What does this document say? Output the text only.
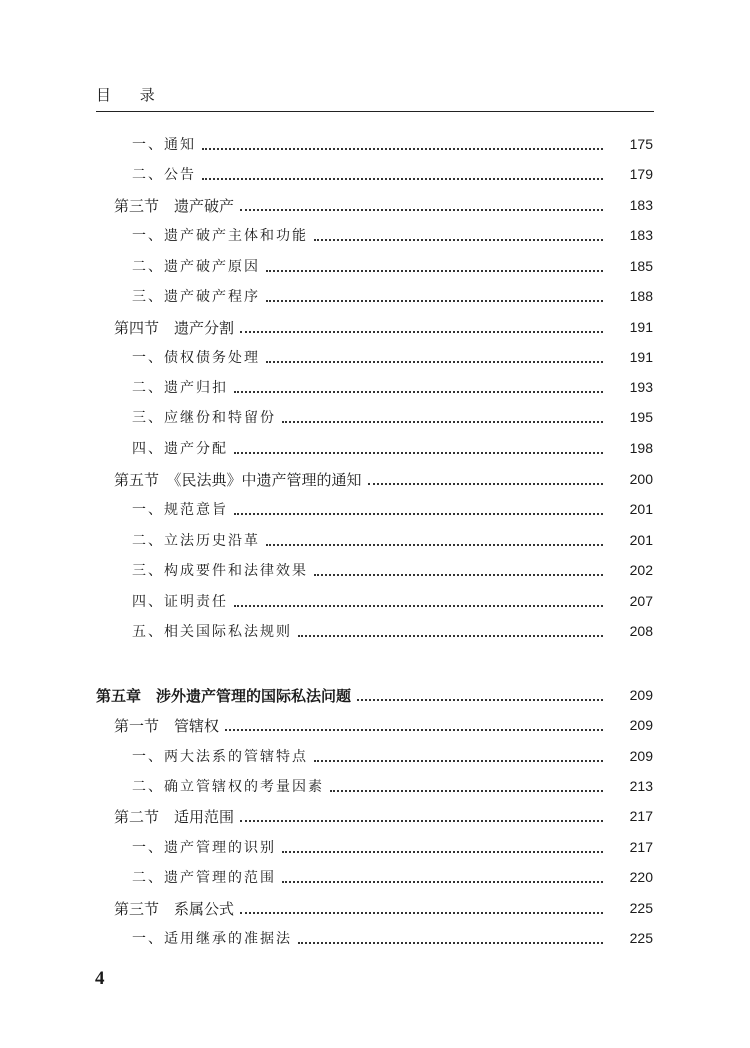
目 录
一、通知	175
二、公告	179
第三节　遗产破产	183
一、遗产破产主体和功能	183
二、遗产破产原因	185
三、遗产破产程序	188
第四节　遗产分割	191
一、债权债务处理	191
二、遗产归扣	193
三、应继份和特留份	195
四、遗产分配	198
第五节　《民法典》中遗产管理的通知	200
一、规范意旨	201
二、立法历史沿革	201
三、构成要件和法律效果	202
四、证明责任	207
五、相关国际私法规则	208
第五章　涉外遗产管理的国际私法问题	209
第一节　管辖权	209
一、两大法系的管辖特点	209
二、确立管辖权的考量因素	213
第二节　适用范围	217
一、遗产管理的识别	217
二、遗产管理的范围	220
第三节　系属公式	225
一、适用继承的准据法	225
4
